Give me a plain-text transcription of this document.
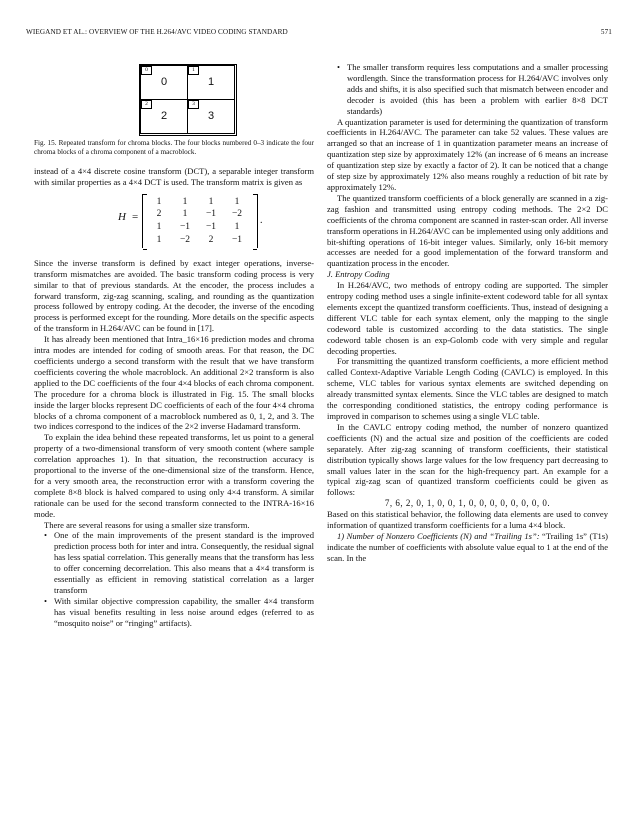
WIEGAND ET AL.: OVERVIEW OF THE H.264/AVC VIDEO CODING STANDARD	571
0
0
1
1
2
2
3
3

Fig. 15. Repeated transform for chroma blocks. The four blocks numbered 0–3 indicate the four chroma blocks of a chroma component of a macroblock.

instead of a 4×4 discrete cosine transform (DCT), a separable integer transform with similar properties as a 4×4 DCT is used. The transform matrix is given as

H =
1	1	1	1
2	1	−1	−2
1	−1	−1	1
1	−2	2	−1
.

Since the inverse transform is defined by exact integer operations, inverse-transform mismatches are avoided. The basic transform coding process is very similar to that of previous standards. At the encoder, the process includes a forward transform, zig-zag scanning, scaling, and rounding as the quantization process followed by entropy coding. At the decoder, the inverse of the encoding process is performed except for the rounding. More details on the specific aspects of the transform in H.264/AVC can be found in [17].

It has already been mentioned that Intra_16×16 prediction modes and chroma intra modes are intended for coding of smooth areas. For that reason, the DC coefficients undergo a second transform with the result that we have transform coefficients covering the whole macroblock. An additional 2×2 transform is also applied to the DC coefficients of the four 4×4 blocks of each chroma component. The procedure for a chroma block is illustrated in Fig. 15. The small blocks inside the larger blocks represent DC coefficients of each of the four 4×4 chroma blocks of a chroma component of a macroblock numbered as 0, 1, 2, and 3. The two indices correspond to the indices of the 2×2 inverse Hadamard transform.

To explain the idea behind these repeated transforms, let us point to a general property of a two-dimensional transform of very smooth content (where sample correlation approaches 1). In that situation, the reconstruction accuracy is proportional to the inverse of the one-dimensional size of the transform. Hence, for a very smooth area, the reconstruction error with a transform covering the complete 8×8 block is halved compared to using only 4×4 transform. A similar rationale can be used for the second transform connected to the INTRA-16×16 mode.

There are several reasons for using a smaller size transform.

• One of the main improvements of the present standard is the improved prediction process both for inter and intra. Consequently, the residual signal has less spatial correlation. This generally means that the transform has less to offer concerning decorrelation. This also means that a 4×4 transform is essentially as efficient in removing statistical correlation as a larger transform
• With similar objective compression capability, the smaller 4×4 transform has visual benefits resulting in less noise around edges (referred to as “mosquito noise” or “ringing” artifacts).
• The smaller transform requires less computations and a smaller processing wordlength. Since the transformation process for H.264/AVC involves only adds and shifts, it is also specified such that mismatch between encoder and decoder is avoided (this has been a problem with earlier 8×8 DCT standards)

A quantization parameter is used for determining the quantization of transform coefficients in H.264/AVC. The parameter can take 52 values. These values are arranged so that an increase of 1 in quantization parameter means an increase of quantization step size by approximately 12% (an increase of 6 means an increase of quantization step size by exactly a factor of 2). It can be noticed that a change of step size by approximately 12% also means roughly a reduction of bit rate by approximately 12%.

The quantized transform coefficients of a block generally are scanned in a zig-zag fashion and transmitted using entropy coding methods. The 2×2 DC coefficients of the chroma component are scanned in raster-scan order. All inverse transform operations in H.264/AVC can be implemented using only additions and bit-shifting operations of 16-bit integer values. Similarly, only 16-bit memory accesses are needed for a good implementation of the forward transform and quantization process in the encoder.

J. Entropy Coding

In H.264/AVC, two methods of entropy coding are supported. The simpler entropy coding method uses a single infinite-extent codeword table for all syntax elements except the quantized transform coefficients. Thus, instead of designing a different VLC table for each syntax element, only the mapping to the single codeword table is customized according to the data statistics. The single codeword table chosen is an exp-Golomb code with very simple and regular decoding properties.

For transmitting the quantized transform coefficients, a more efficient method called Context-Adaptive Variable Length Coding (CAVLC) is employed. In this scheme, VLC tables for various syntax elements are switched depending on already transmitted syntax elements. Since the VLC tables are designed to match the corresponding conditioned statistics, the entropy coding performance is improved in comparison to schemes using a single VLC table.

In the CAVLC entropy coding method, the number of nonzero quantized coefficients (N) and the actual size and position of the coefficients are coded separately. After zig-zag scanning of transform coefficients, their statistical distribution typically shows large values for the low frequency part decreasing to small values later in the scan for the high-frequency part. An example for a typical zig-zag scan of quantized transform coefficients could be given as follows:

7, 6, 2, 0, 1, 0, 0, 1, 0, 0, 0, 0, 0, 0, 0, 0.

Based on this statistical behavior, the following data elements are used to convey information of quantized transform coefficients for a luma 4×4 block.

1) Number of Nonzero Coefficients (N) and “Trailing 1s”: “Trailing 1s” (T1s) indicate the number of coefficients with absolute value equal to 1 at the end of the scan. In the
